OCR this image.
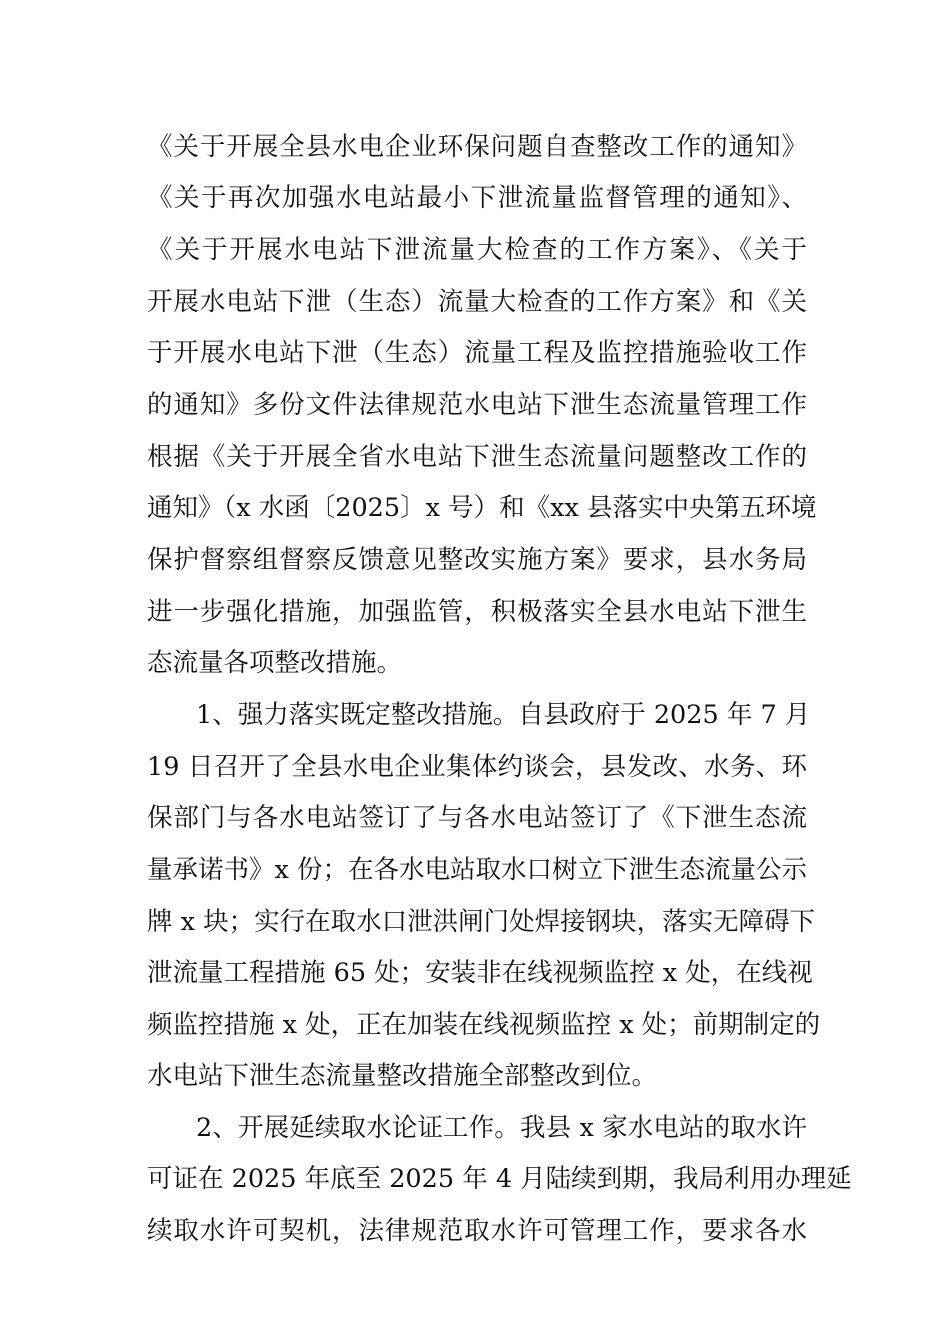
《关于开展全县水电企业环保问题自查整改工作的通知》
《关于再次加强水电站最小下泄流量监督管理的通知》、
《关于开展水电站下泄流量大检查的工作方案》、《关于
开展水电站下泄（生态）流量大检查的工作方案》和《关
于开展水电站下泄（生态）流量工程及监控措施验收工作
的通知》多份文件法律规范水电站下泄生态流量管理工作
根据《关于开展全省水电站下泄生态流量问题整改工作的
通知》（x 水函〔2025〕x 号）和《xx 县落实中央第五环境
保护督察组督察反馈意见整改实施方案》要求，县水务局
进一步强化措施，加强监管，积极落实全县水电站下泄生
态流量各项整改措施。
1、强力落实既定整改措施。自县政府于 2025 年 7 月
19 日召开了全县水电企业集体约谈会，县发改、水务、环
保部门与各水电站签订了与各水电站签订了《下泄生态流
量承诺书》x 份；在各水电站取水口树立下泄生态流量公示
牌 x 块；实行在取水口泄洪闸门处焊接钢块，落实无障碍下
泄流量工程措施 65 处；安装非在线视频监控 x 处，在线视
频监控措施 x 处，正在加装在线视频监控 x 处；前期制定的
水电站下泄生态流量整改措施全部整改到位。
2、开展延续取水论证工作。我县 x 家水电站的取水许
可证在 2025 年底至 2025 年 4 月陆续到期，我局利用办理延
续取水许可契机，法律规范取水许可管理工作，要求各水
